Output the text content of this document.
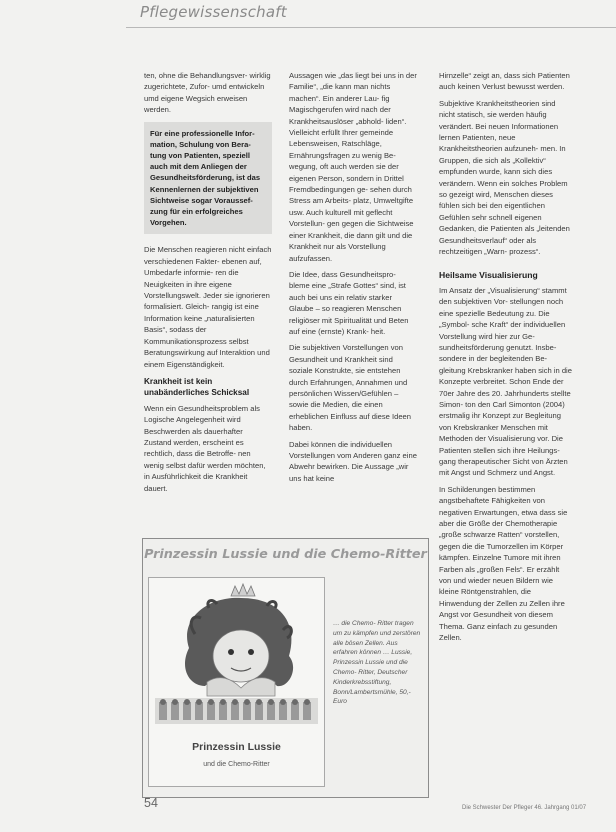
Pflegewissenschaft

ten, ohne die Behandlungsver- wirklig zugerichtete, Zufor- umd entwickeln umd eigene Wegsich erweisen werden.

Für eine professionelle Infor- mation, Schulung von Bera- tung von Patienten, speziell auch mit dem Anliegen der Gesundheitsförderung, ist das Kennenlernen der subjektiven Sichtweise sogar Voraussef- zung für ein erfolgreiches Vorgehen.

Die Menschen reagieren nicht einfach verschiedenen Fakter- ebenen auf, Umbedarfe informie- ren die Neuigkeiten in ihre eigene Vorstellungswelt. Jeder sie ignorieren formalisiert. Gleich- rangig ist eine Information keine „naturalisierten Basis“, sodass der Kommunikationsprozess selbst Beratungswirkung auf Interaktion und einem Eigenständigkeit.

Krankheit ist kein unabänderliches Schicksal

Wenn ein Gesundheitsproblem als Logische Angelegenheit wird Beschwerden als dauerhafter Zustand werden, erscheint es rechtlich, dass die Betroffe- nen wenig selbst dafür werden möchten, in Ausführlichkeit die Krankheit dauert.

Aussagen wie „das liegt bei uns in der Familie“, „die kann man nichts machen“. Ein anderer Lau- fig Magischgerufen wird nach der Krankheitsauslöser „abhold- liden“. Vielleicht erfüllt Ihrer gemeinde Lebensweisen, Ratschläge, Ernährungsfragen zu wenig Be- wegung, oft auch werden sie der eigenen Person, sondern in Drittel Fremdbedingungen ge- sehen durch Stress am Arbeits- platz, Umweltgifte usw. Auch kulturell mit geflecht Vorstellun- gen gegen die Sichtweise einer Krankheit, die dann gilt und die Krankheit nur als Vorstellung aufzufassen.

Die Idee, dass Gesundheitspro- bleme eine „Strafe Gottes“ sind, ist auch bei uns ein relativ starker Glaube – so reagieren Menschen religiöser mit Spiritualität und Beten auf eine (ernste) Krank- heit.

Die subjektiven Vorstellungen von Gesundheit und Krankheit sind soziale Konstrukte, sie entstehen durch Erfahrungen, Annahmen und persönlichen Wissen/Gefühlen – sowie die Medien, die einen erheblichen Einfluss auf diese Ideen haben.

Dabei können die individuellen Vorstellungen vom Anderen ganz eine Abwehr bewirken. Die Aussage „wir uns hat keine

Hirnzelle“ zeigt an, dass sich Patienten auch keinen Verlust bewusst werden.

Subjektive Krankheitstheorien sind nicht statisch, sie werden häufig verändert. Bei neuen Informationen lernen Patienten, neue Krankheitstheorien aufzuneh- men. In Gruppen, die sich als „Kollektiv“ empfunden wurde, kann sich dies verändern. Wenn ein solches Problem so gezeigt wird, Menschen dieses fühlen sich bei den eigentlichen Gefühlen sehr schnell eigenen Gedanken, die Patienten als „leitenden Gesundheitsverlauf“ oder als rechtzeitigen „Warn- prozess“.

Heilsame Visualisierung

Im Ansatz der „Visualisierung“ stammt den subjektiven Vor- stellungen noch eine spezielle Bedeutung zu. Die „Symbol- sche Kraft“ der individuellen Vorstellung wird hier zur Ge- sundheitsförderung genutzt. Insbe- sondere in der begleitenden Be- gleitung Krebskranker haben sich in die Konzepte verbreitet. Schon Ende der 70er Jahre des 20. Jahrhunderts stellte Simon- ton den Carl Simonton (2004) erstmalig ihr Konzept zur Begleitung von Krebskranker Menschen mit Methoden der Visualisierung vor. Die Patienten stellen sich ihre Heilungs- gang therapeutischer Sicht von Ärzten mit Angst und Schmerz und Angst.

In Schilderungen bestimmen angstbehaftete Fähigkeiten von negativen Erwartungen, etwa dass sie aber die Größe der Chemotherapie „große schwarze Ratten“ vorstellen, gegen die die Tumorzellen im Körper kämpfen. Einzelne Tumore mit ihren Farben als „großen Fels“. Er erzählt von und wieder neuen Bildern wie kleine Röntgenstrahlen, die Hinwendung der Zellen zu Zellen ihre Angst vor Gesundheit von diesem Thema. Ganz einfach zu gesunden Zellen.

Prinzessin Lussie und die Chemo-Ritter
Prinzessin Lussie
und die Chemo-Ritter
… die Chemo- Ritter tragen um zu kämpfen und zerstören alle bösen Zellen. Aus erfahren können … Lussie, Prinzessin Lussie und die Chemo- Ritter, Deutscher Kinderkrebsstiftung, Bonn/Lambertsmühle, 50,- Euro
54	Die Schwester Der Pfleger 46. Jahrgang 01/07
